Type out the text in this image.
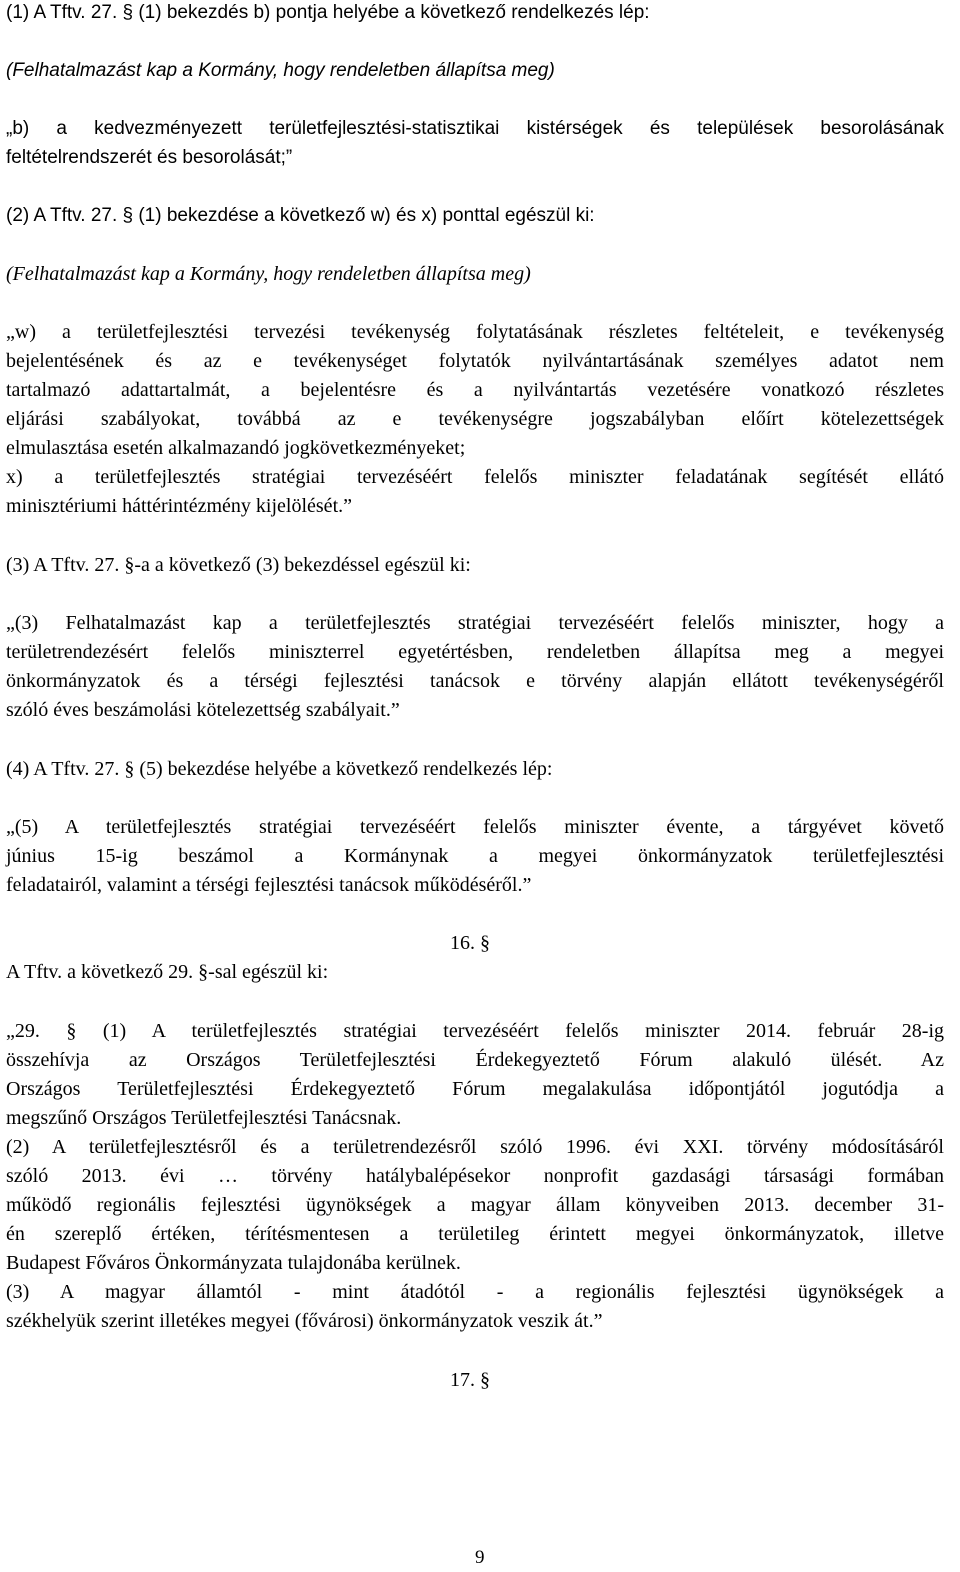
(1) A Tftv. 27. § (1) bekezdés b) pontja helyébe a következő rendelkezés lép:
(Felhatalmazást kap a Kormány, hogy rendeletben állapítsa meg)
„b) a kedvezményezett területfejlesztési-statisztikai kistérségek és települések besorolásának
feltételrendszerét és besorolását;”
(2) A Tftv. 27. § (1) bekezdése a következő w) és x) ponttal egészül ki:
(Felhatalmazást kap a Kormány, hogy rendeletben állapítsa meg)
„w) a területfejlesztési tervezési tevékenység folytatásának részletes feltételeit, e tevékenység
bejelentésének és az e tevékenységet folytatók nyilvántartásának személyes adatot nem
tartalmazó adattartalmát, a bejelentésre és a nyilvántartás vezetésére vonatkozó részletes
eljárási szabályokat, továbbá az e tevékenységre jogszabályban előírt kötelezettségek
elmulasztása esetén alkalmazandó jogkövetkezményeket;
x) a területfejlesztés stratégiai tervezéséért felelős miniszter feladatának segítését ellátó
minisztériumi háttérintézmény kijelölését.”
(3) A Tftv. 27. §-a a következő (3) bekezdéssel egészül ki:
„(3) Felhatalmazást kap a területfejlesztés stratégiai tervezéséért felelős miniszter, hogy a
területrendezésért felelős miniszterrel egyetértésben, rendeletben állapítsa meg a megyei
önkormányzatok és a térségi fejlesztési tanácsok e törvény alapján ellátott tevékenységéről
szóló éves beszámolási kötelezettség szabályait.”
(4) A Tftv. 27. § (5) bekezdése helyébe a következő rendelkezés lép:
„(5) A területfejlesztés stratégiai tervezéséért felelős miniszter évente, a tárgyévet követő
június 15-ig beszámol a Kormánynak a megyei önkormányzatok területfejlesztési
feladatairól, valamint a térségi fejlesztési tanácsok működéséről.”
16. §
A Tftv. a következő 29. §-sal egészül ki:
„29. § (1) A területfejlesztés stratégiai tervezéséért felelős miniszter 2014. február 28-ig
összehívja az Országos Területfejlesztési Érdekegyeztető Fórum alakuló ülését. Az
Országos Területfejlesztési Érdekegyeztető Fórum megalakulása időpontjától jogutódja a
megszűnő Országos Területfejlesztési Tanácsnak.
(2) A területfejlesztésről és a területrendezésről szóló 1996. évi XXI. törvény módosításáról
szóló 2013. évi … törvény hatálybalépésekor nonprofit gazdasági társasági formában
működő regionális fejlesztési ügynökségek a magyar állam könyveiben 2013. december 31-
én szereplő értéken, térítésmentesen a területileg érintett megyei önkormányzatok, illetve
Budapest Főváros Önkormányzata tulajdonába kerülnek.
(3) A magyar államtól - mint átadótól - a regionális fejlesztési ügynökségek a
székhelyük szerint illetékes megyei (fővárosi) önkormányzatok veszik át.”
17. §
9
